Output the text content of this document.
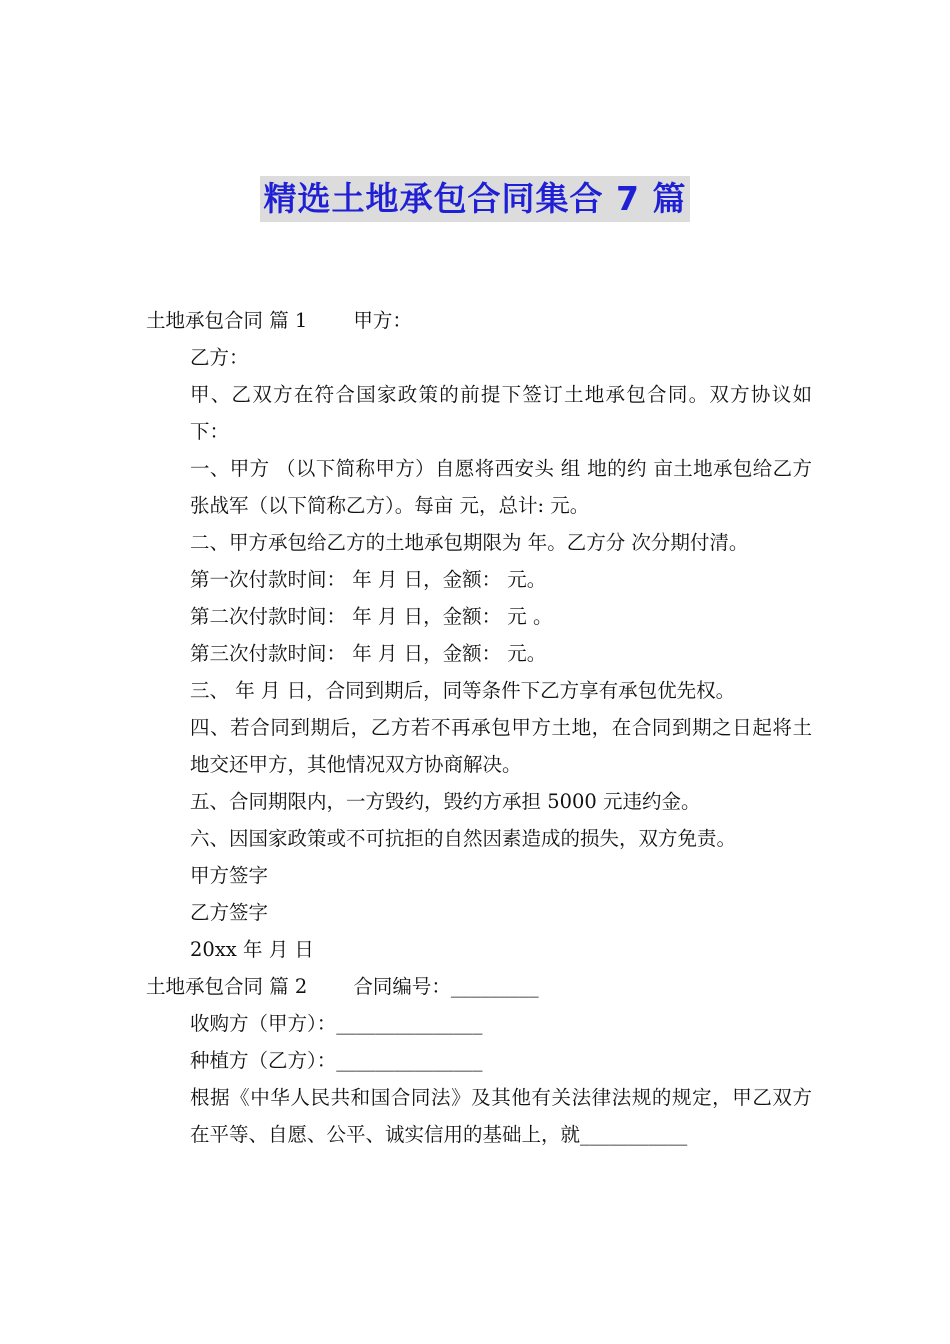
精选土地承包合同集合 7 篇

土地承包合同 篇 1 甲方：

乙方：

甲、乙双方在符合国家政策的前提下签订土地承包合同。双方协议如下：

一、甲方 （以下简称甲方）自愿将西安头 组 地的约 亩土地承包给乙方张战军（以下简称乙方）。每亩 元，总计: 元。

二、甲方承包给乙方的土地承包期限为 年。乙方分 次分期付清。

第一次付款时间： 年 月 日，金额： 元。

第二次付款时间： 年 月 日，金额： 元 。

第三次付款时间： 年 月 日，金额： 元。

三、 年 月 日，合同到期后，同等条件下乙方享有承包优先权。

四、若合同到期后，乙方若不再承包甲方土地，在合同到期之日起将土地交还甲方，其他情况双方协商解决。

五、合同期限内，一方毁约，毁约方承担 5000 元违约金。

六、因国家政策或不可抗拒的自然因素造成的损失，双方免责。

甲方签字

乙方签字

20xx 年 月 日

土地承包合同 篇 2 合同编号：_________

收购方（甲方）：_______________

种植方（乙方）：_______________

根据《中华人民共和国合同法》及其他有关法律法规的规定，甲乙双方在平等、自愿、公平、诚实信用的基础上，就___________
